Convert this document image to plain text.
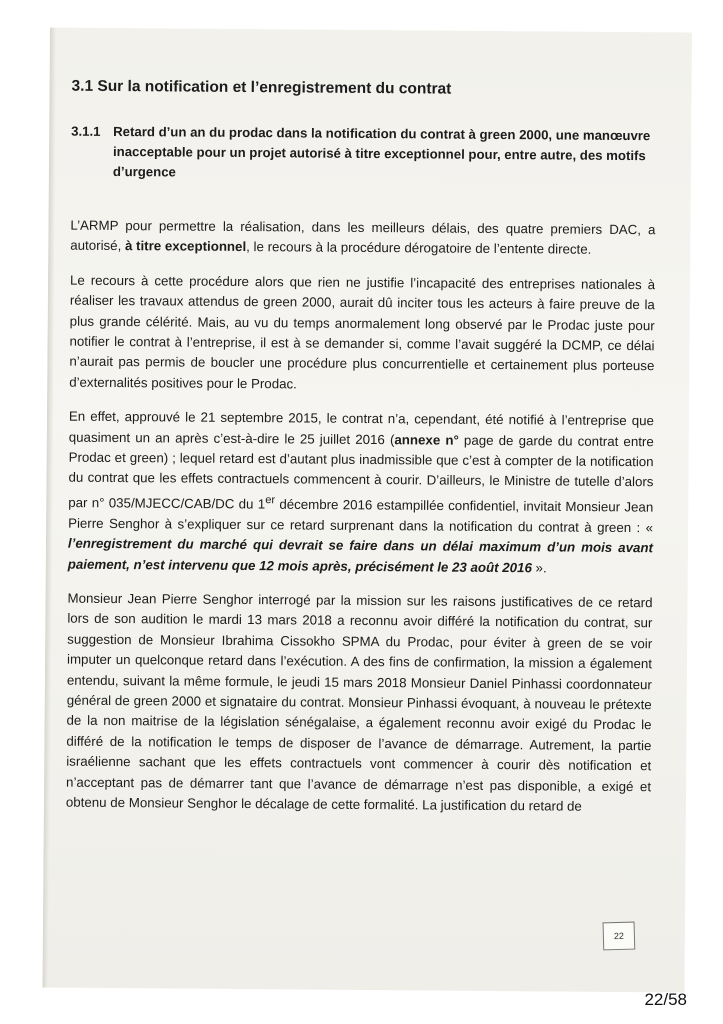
3.1 Sur la notification et l’enregistrement du contrat
3.1.1 Retard d’un an du prodac dans la notification du contrat à green 2000, une manœuvre inacceptable pour un projet autorisé à titre exceptionnel pour, entre autre, des motifs d’urgence

L’ARMP pour permettre la réalisation, dans les meilleurs délais, des quatre premiers DAC, a autorisé, à titre exceptionnel, le recours à la procédure dérogatoire de l’entente directe.

Le recours à cette procédure alors que rien ne justifie l’incapacité des entreprises nationales à réaliser les travaux attendus de green 2000, aurait dû inciter tous les acteurs à faire preuve de la plus grande célérité. Mais, au vu du temps anormalement long observé par le Prodac juste pour notifier le contrat à l’entreprise, il est à se demander si, comme l’avait suggéré la DCMP, ce délai n’aurait pas permis de boucler une procédure plus concurrentielle et certainement plus porteuse d’externalités positives pour le Prodac.

En effet, approuvé le 21 septembre 2015, le contrat n’a, cependant, été notifié à l’entreprise que quasiment un an après c’est-à-dire le 25 juillet 2016 (annexe n° page de garde du contrat entre Prodac et green) ; lequel retard est d’autant plus inadmissible que c’est à compter de la notification du contrat que les effets contractuels commencent à courir. D’ailleurs, le Ministre de tutelle d’alors par n° 035/MJECC/CAB/DC du 1er décembre 2016 estampillée confidentiel, invitait Monsieur Jean Pierre Senghor à s’expliquer sur ce retard surprenant dans la notification du contrat à green : « l’enregistrement du marché qui devrait se faire dans un délai maximum d’un mois avant paiement, n’est intervenu que 12 mois après, précisément le 23 août 2016 ».

Monsieur Jean Pierre Senghor interrogé par la mission sur les raisons justificatives de ce retard lors de son audition le mardi 13 mars 2018 a reconnu avoir différé la notification du contrat, sur suggestion de Monsieur Ibrahima Cissokho SPMA du Prodac, pour éviter à green de se voir imputer un quelconque retard dans l’exécution. A des fins de confirmation, la mission a également entendu, suivant la même formule, le jeudi 15 mars 2018 Monsieur Daniel Pinhassi coordonnateur général de green 2000 et signataire du contrat. Monsieur Pinhassi évoquant, à nouveau le prétexte de la non maitrise de la législation sénégalaise, a également reconnu avoir exigé du Prodac le différé de la notification le temps de disposer de l’avance de démarrage. Autrement, la partie israélienne sachant que les effets contractuels vont commencer à courir dès notification et n’acceptant pas de démarrer tant que l’avance de démarrage n’est pas disponible, a exigé et obtenu de Monsieur Senghor le décalage de cette formalité. La justification du retard de

22
22/58
